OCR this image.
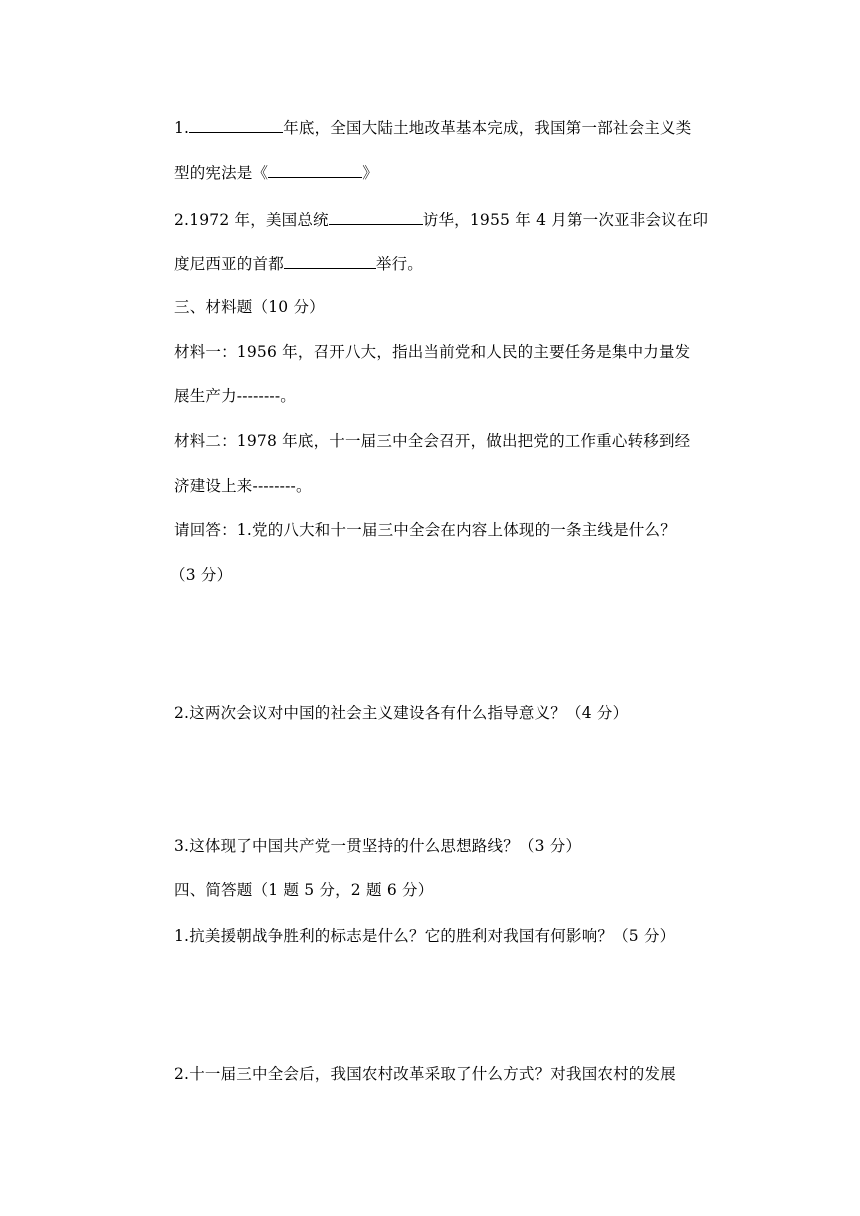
1.	年底，全国大陆土地改革基本完成，我国第一部社会主义类
型的宪法是《	》
2.1972 年，美国总统	访华，1955 年 4 月第一次亚非会议在印
度尼西亚的首都	举行。
三、材料题（10 分）
材料一：1956 年，召开八大，指出当前党和人民的主要任务是集中力量发
展生产力--------。
材料二：1978 年底，十一届三中全会召开，做出把党的工作重心转移到经
济建设上来--------。
请回答：1.党的八大和十一届三中全会在内容上体现的一条主线是什么？
（3 分）
2.这两次会议对中国的社会主义建设各有什么指导意义？（4 分）
3.这体现了中国共产党一贯坚持的什么思想路线？（3 分）
四、简答题（1 题 5 分，2 题 6 分）
1.抗美援朝战争胜利的标志是什么？它的胜利对我国有何影响？（5 分）
2.十一届三中全会后，我国农村改革采取了什么方式？对我国农村的发展
